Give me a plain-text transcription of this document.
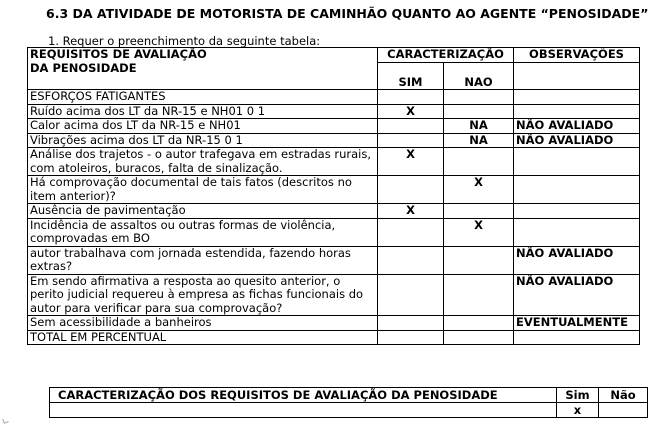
6.3 DA ATIVIDADE DE MOTORISTA DE CAMINHÃO QUANTO AO AGENTE “PENOSIDADE”
1. Requer o preenchimento da seguinte tabela:
REQUISITOS DE AVALIAÇÃO
DA PENOSIDADE	CARACTERIZAÇÃO		OBSERVAÇÕES
	SIM	NAO	
ESFORÇOS FATIGANTES			
Ruído acima dos LT da NR-15 e NH01 0 1	X		
Calor acima dos LT da NR-15 e NH01		NA	NÃO AVALIADO
Vibrações acima dos LT da NR-15 0 1		NA	NÃO AVALIADO
Análise dos trajetos - o autor trafegava em estradas rurais, com atoleiros, buracos, falta de sinalização.	X		
Há comprovação documental de tais fatos (descritos no item anterior)?		X	
Ausência de pavimentação	X		
Incidência de assaltos ou outras formas de violência, comprovadas em BO		X	
autor trabalhava com jornada estendida, fazendo horas extras?			NÃO AVALIADO
Em sendo afirmativa a resposta ao quesito anterior, o perito judicial requereu à empresa as fichas funcionais do autor para verificar para sua comprovação?			NÃO AVALIADO
Sem acessibilidade a banheiros			EVENTUALMENTE
TOTAL EM PERCENTUAL			
CARACTERIZAÇÃO DOS REQUISITOS DE AVALIAÇÃO DA PENOSIDADE	Sim	Não
	x	
